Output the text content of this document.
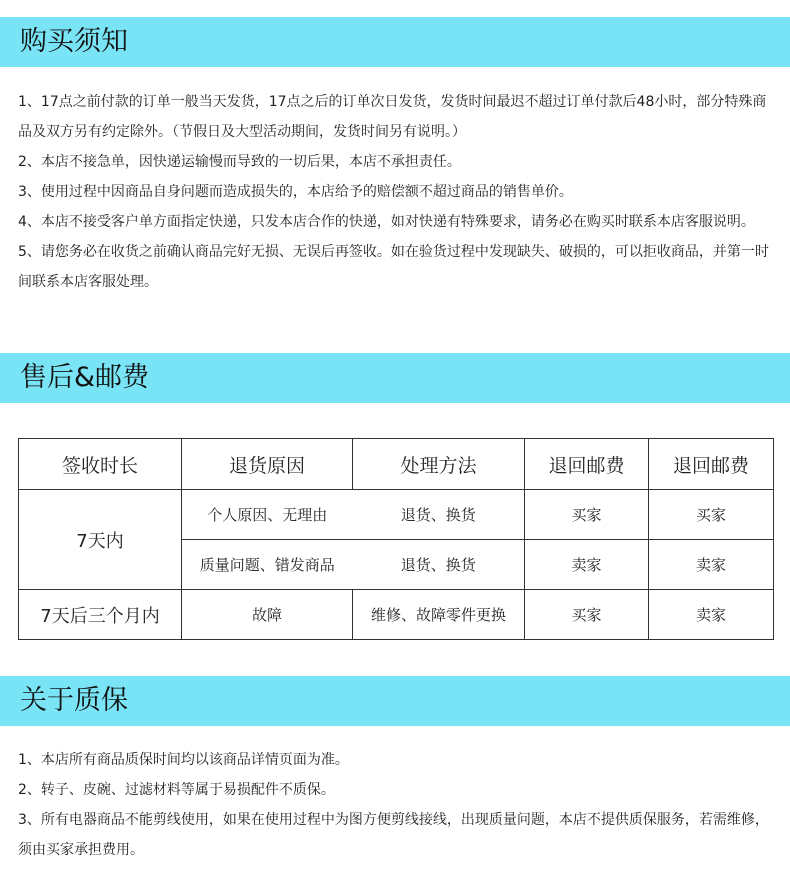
购买须知
1、17点之前付款的订单一般当天发货，17点之后的订单次日发货，发货时间最迟不超过订单付款后48小时，部分特殊商品及双方另有约定除外。（节假日及大型活动期间，发货时间另有说明。）
2、本店不接急单，因快递运输慢而导致的一切后果，本店不承担责任。
3、使用过程中因商品自身问题而造成损失的，本店给予的赔偿额不超过商品的销售单价。
4、本店不接受客户单方面指定快递，只发本店合作的快递，如对快递有特殊要求，请务必在购买时联系本店客服说明。
5、请您务必在收货之前确认商品完好无损、无误后再签收。如在验货过程中发现缺失、破损的，可以拒收商品，并第一时间联系本店客服处理。
售后&邮费
签收时长	退货原因	处理方法	退回邮费	退回邮费
7天内	个人原因、无理由	退货、换货	买家	买家
	质量问题、错发商品	退货、换货	卖家	卖家
7天后三个月内	故障	维修、故障零件更换	买家	卖家
关于质保
1、本店所有商品质保时间均以该商品详情页面为准。
2、转子、皮碗、过滤材料等属于易损配件不质保。
3、所有电器商品不能剪线使用，如果在使用过程中为图方便剪线接线，出现质量问题，本店不提供质保服务，若需维修，须由买家承担费用。
